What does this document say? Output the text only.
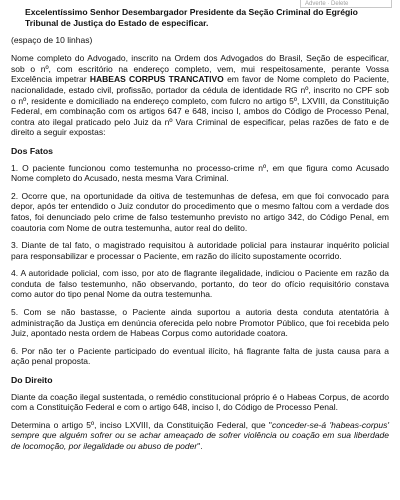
Adverte · Delete
Excelentíssimo Senhor Desembargador Presidente da Seção Criminal do Egrégio Tribunal de Justiça do Estado de especificar.
(espaço de 10 linhas)

Nome completo do Advogado, inscrito na Ordem dos Advogados do Brasil, Seção de especificar, sob o nº, com escritório na endereço completo, vem, mui respeitosamente, perante Vossa Excelência impetrar HABEAS CORPUS TRANCATIVO em favor de Nome completo do Paciente, nacionalidade, estado civil, profissão, portador da cédula de identidade RG nº, inscrito no CPF sob o nº, residente e domiciliado na endereço completo, com fulcro no artigo 5º, LXVIII, da Constituição Federal, em combinação com os artigos 647 e 648, inciso I, ambos do Código de Processo Penal, contra ato ilegal praticado pelo Juiz da nº Vara Criminal de especificar, pelas razões de fato e de direito a seguir expostas:

Dos Fatos

1. O paciente funcionou como testemunha no processo-crime nº, em que figura como Acusado Nome completo do Acusado, nesta mesma Vara Criminal.

2. Ocorre que, na oportunidade da oitiva de testemunhas de defesa, em que foi convocado para depor, após ter entendido o Juiz condutor do procedimento que o mesmo faltou com a verdade dos fatos, foi denunciado pelo crime de falso testemunho previsto no artigo 342, do Código Penal, em coautoria com Nome de outra testemunha, autor real do delito.

3. Diante de tal fato, o magistrado requisitou à autoridade policial para instaurar inquérito policial para responsabilizar e processar o Paciente, em razão do ilícito supostamente ocorrido.

4. A autoridade policial, com isso, por ato de flagrante ilegalidade, indiciou o Paciente em razão da conduta de falso testemunho, não observando, portanto, do teor do ofício requisitório constava como autor do tipo penal Nome da outra testemunha.

5. Com se não bastasse, o Paciente ainda suportou a autoria desta conduta atentatória à administração da Justiça em denúncia oferecida pelo nobre Promotor Público, que foi recebida pelo Juiz, apontado nesta ordem de Habeas Corpus como autoridade coatora.

6. Por não ter o Paciente participado do eventual ilícito, há flagrante falta de justa causa para a ação penal proposta.

Do Direito

Diante da coação ilegal sustentada, o remédio constitucional próprio é o Habeas Corpus, de acordo com a Constituição Federal e com o artigo 648, inciso I, do Código de Processo Penal.

Determina o artigo 5º, inciso LXVIII, da Constituição Federal, que "conceder-se-á 'habeas-corpus' sempre que alguém sofrer ou se achar ameaçado de sofrer violência ou coação em sua liberdade de locomoção, por ilegalidade ou abuso de poder".
